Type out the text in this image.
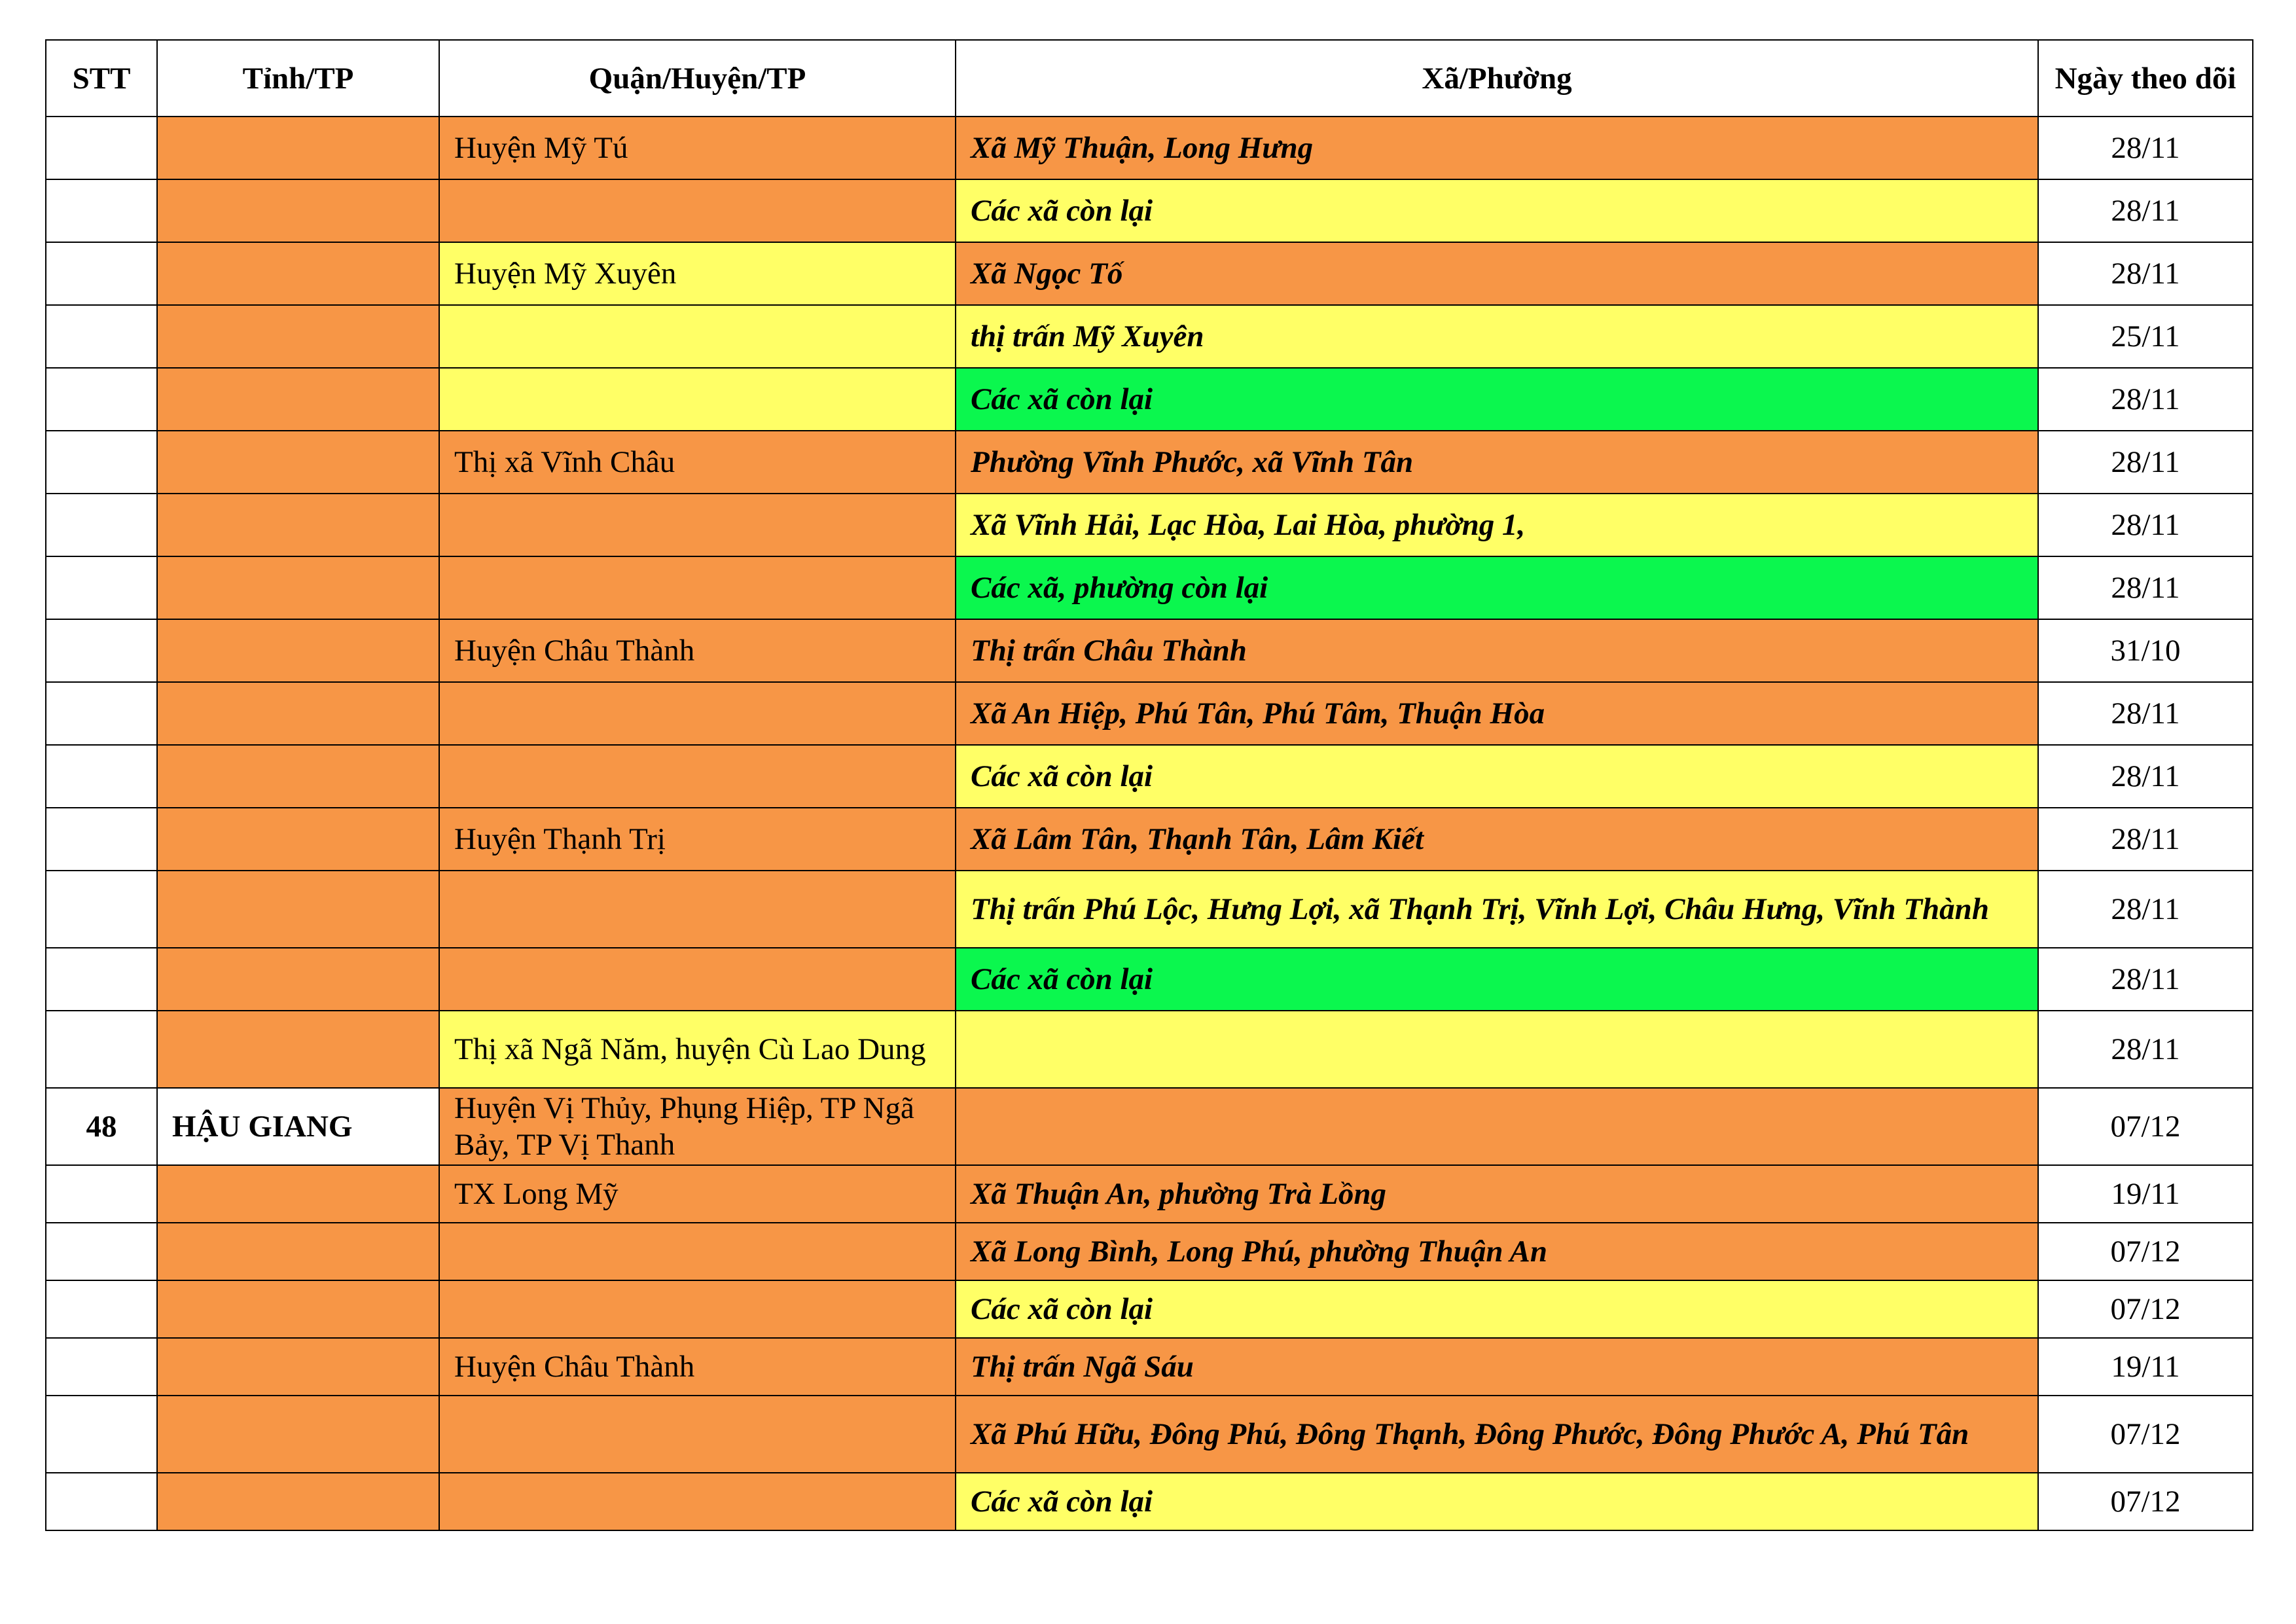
STT	Tỉnh/TP	Quận/Huyện/TP	Xã/Phường	Ngày theo dõi
		Huyện Mỹ Tú	Xã Mỹ Thuận, Long Hưng	28/11
			Các xã còn lại	28/11
		Huyện Mỹ Xuyên	Xã Ngọc Tố	28/11
			thị trấn Mỹ Xuyên	25/11
			Các xã còn lại	28/11
		Thị xã Vĩnh Châu	Phường Vĩnh Phước, xã Vĩnh Tân	28/11
			Xã Vĩnh Hải, Lạc Hòa, Lai Hòa, phường 1,	28/11
			Các xã, phường còn lại	28/11
		Huyện Châu Thành	Thị trấn Châu Thành	31/10
			Xã An Hiệp, Phú Tân, Phú Tâm, Thuận Hòa	28/11
			Các xã còn lại	28/11
		Huyện Thạnh Trị	Xã Lâm Tân, Thạnh Tân, Lâm Kiết	28/11
			Thị trấn Phú Lộc, Hưng Lợi, xã Thạnh Trị, Vĩnh Lợi, Châu Hưng, Vĩnh Thành	28/11
			Các xã còn lại	28/11
		Thị xã Ngã Năm, huyện Cù Lao Dung		28/11
48	HẬU GIANG	Huyện Vị Thủy, Phụng Hiệp, TP Ngã Bảy, TP Vị Thanh		07/12
		TX Long Mỹ	Xã Thuận An, phường Trà Lồng	19/11
			Xã Long Bình, Long Phú, phường Thuận An	07/12
			Các xã còn lại	07/12
		Huyện Châu Thành	Thị trấn Ngã Sáu	19/11
			Xã Phú Hữu, Đông Phú, Đông Thạnh, Đông Phước, Đông Phước A, Phú Tân	07/12
			Các xã còn lại	07/12
